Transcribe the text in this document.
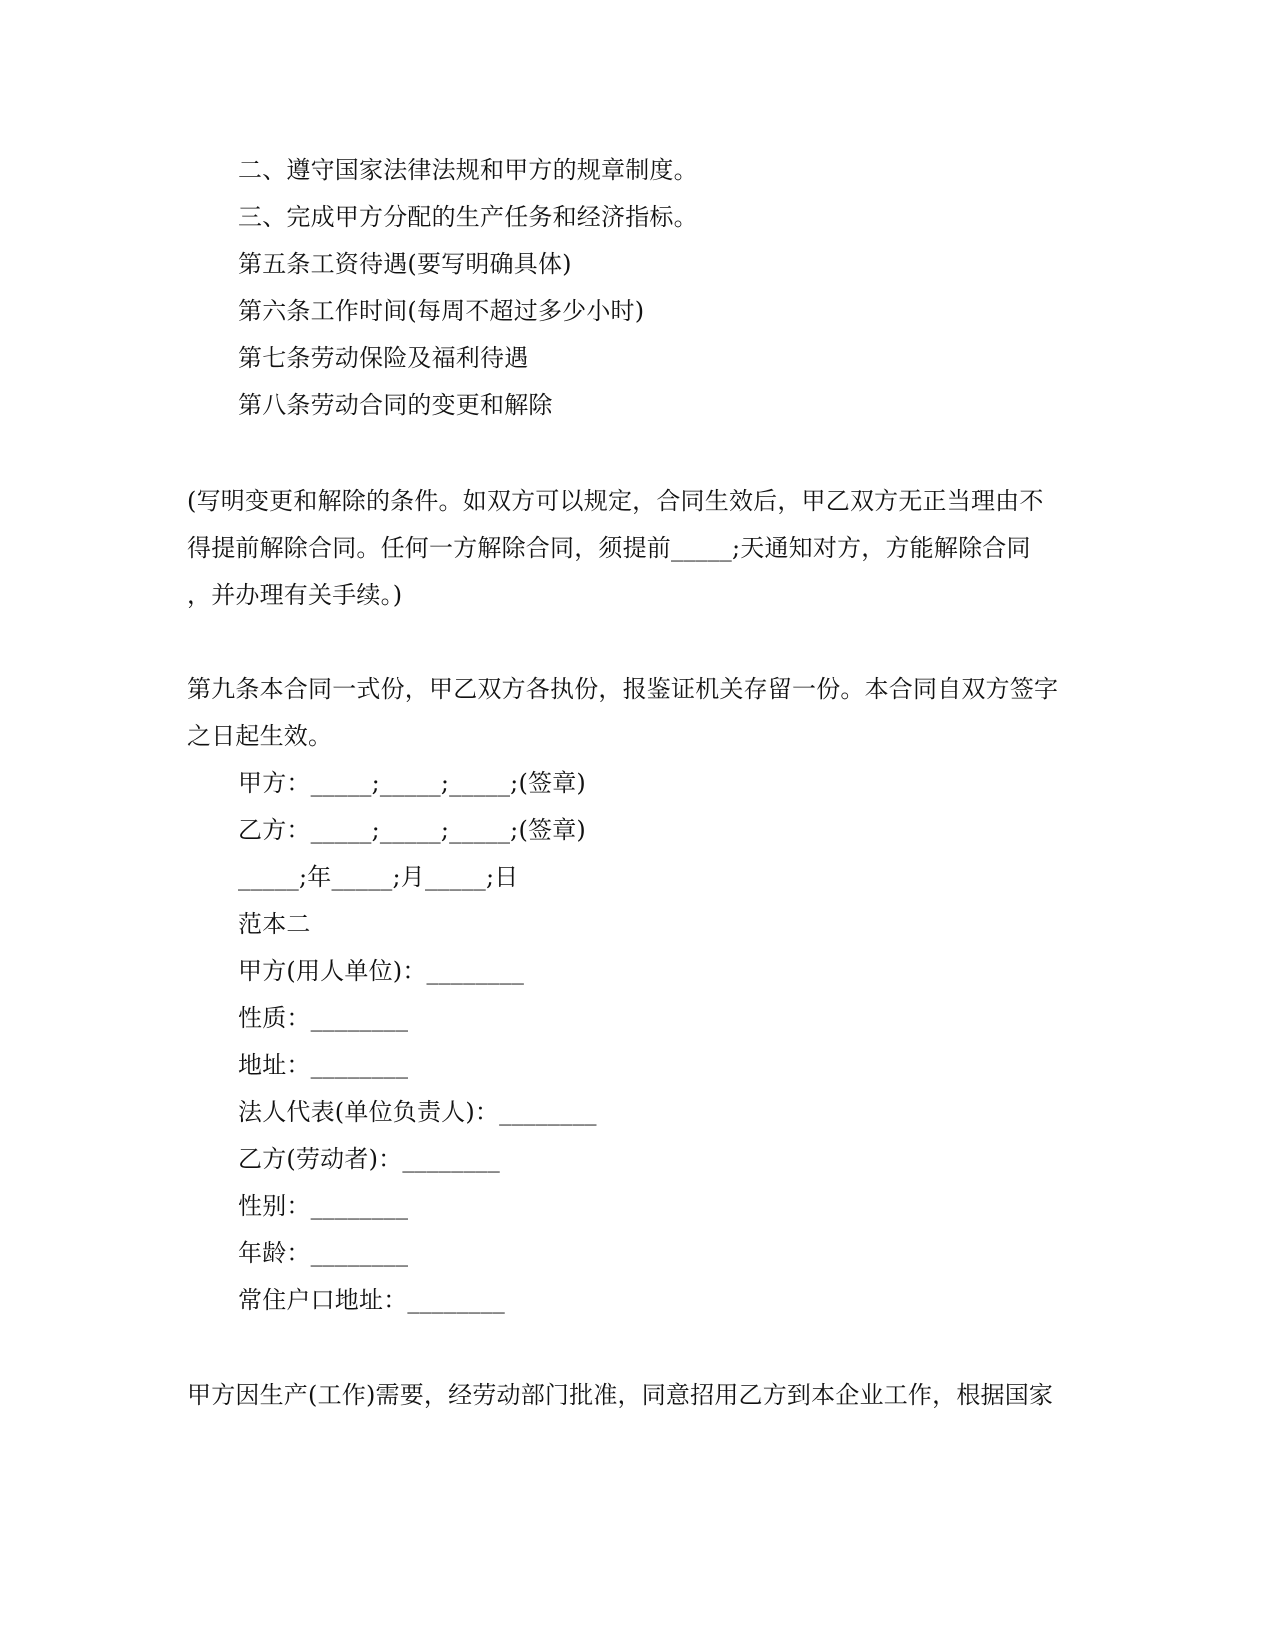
二、遵守国家法律法规和甲方的规章制度。
三、完成甲方分配的生产任务和经济指标。
第五条工资待遇(要写明确具体)
第六条工作时间(每周不超过多少小时)
第七条劳动保险及福利待遇
第八条劳动合同的变更和解除
(写明变更和解除的条件。如双方可以规定，合同生效后，甲乙双方无正当理由不
得提前解除合同。任何一方解除合同，须提前_____;天通知对方，方能解除合同
，并办理有关手续。)
第九条本合同一式份，甲乙双方各执份，报鉴证机关存留一份。本合同自双方签字
之日起生效。
甲方：_____;_____;_____;(签章)
乙方：_____;_____;_____;(签章)
_____;年_____;月_____;日
范本二
甲方(用人单位)：________
性质：________
地址：________
法人代表(单位负责人)：________
乙方(劳动者)：________
性别：________
年龄：________
常住户口地址：________
甲方因生产(工作)需要，经劳动部门批准，同意招用乙方到本企业工作，根据国家
